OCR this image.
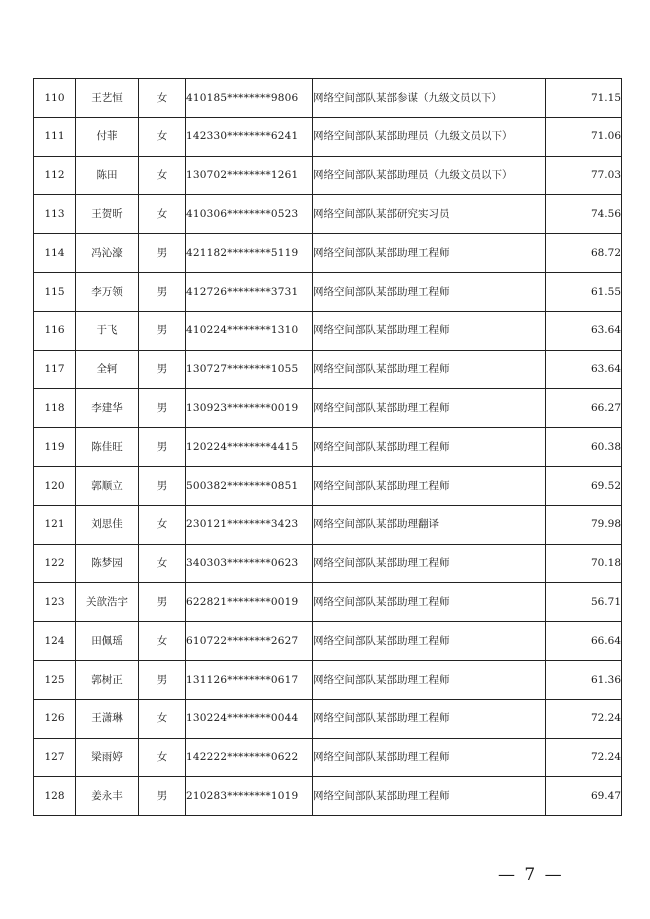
110	王艺恒	女	410185********9806	网络空间部队某部参谋（九级文员以下）	71.15
111	付菲	女	142330********6241	网络空间部队某部助理员（九级文员以下）	71.06
112	陈田	女	130702********1261	网络空间部队某部助理员（九级文员以下）	77.03
113	王贺昕	女	410306********0523	网络空间部队某部研究实习员	74.56
114	冯沁濠	男	421182********5119	网络空间部队某部助理工程师	68.72
115	李万领	男	412726********3731	网络空间部队某部助理工程师	61.55
116	于飞	男	410224********1310	网络空间部队某部助理工程师	63.64
117	全轲	男	130727********1055	网络空间部队某部助理工程师	63.64
118	李建华	男	130923********0019	网络空间部队某部助理工程师	66.27
119	陈佳旺	男	120224********4415	网络空间部队某部助理工程师	60.38
120	郭顺立	男	500382********0851	网络空间部队某部助理工程师	69.52
121	刘思佳	女	230121********3423	网络空间部队某部助理翻译	79.98
122	陈梦园	女	340303********0623	网络空间部队某部助理工程师	70.18
123	关歆浩宇	男	622821********0019	网络空间部队某部助理工程师	56.71
124	田佩瑶	女	610722********2627	网络空间部队某部助理工程师	66.64
125	郭树正	男	131126********0617	网络空间部队某部助理工程师	61.36
126	王潇琳	女	130224********0044	网络空间部队某部助理工程师	72.24
127	梁雨婷	女	142222********0622	网络空间部队某部助理工程师	72.24
128	姜永丰	男	210283********1019	网络空间部队某部助理工程师	69.47
— 7 —
